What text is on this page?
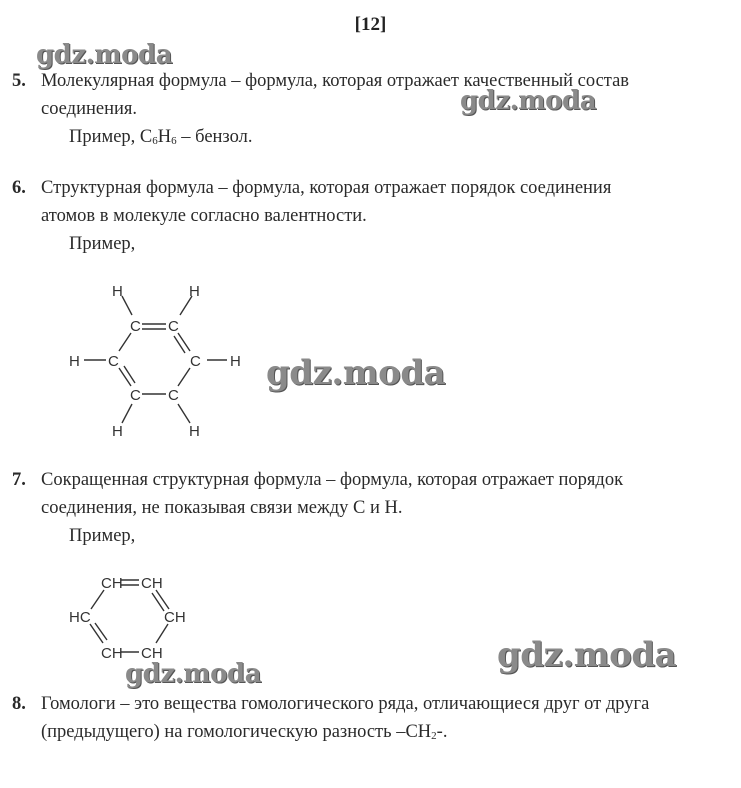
[12]
gdz.moda
gdz.moda
gdz.moda
gdz.moda
gdz.moda
5. Молекулярная формула – формула, которая отражает качественный состав
соединения.
Пример, $C_6H_6$ – бензол.
6. Структурная формула – формула, которая отражает порядок соединения
атомов в молекуле согласно валентности.
Пример,
C C
C	C
C C
H	H
H	H
H	H
7. Сокращенная структурная формула – формула, которая отражает порядок
соединения, не показывая связи между С и Н.
Пример,
CH CH
HC	CH
CH CH
8. Гомологи – это вещества гомологического ряда, отличающиеся друг от друга
(предыдущего) на гомологическую разность $-CH_2-$.
